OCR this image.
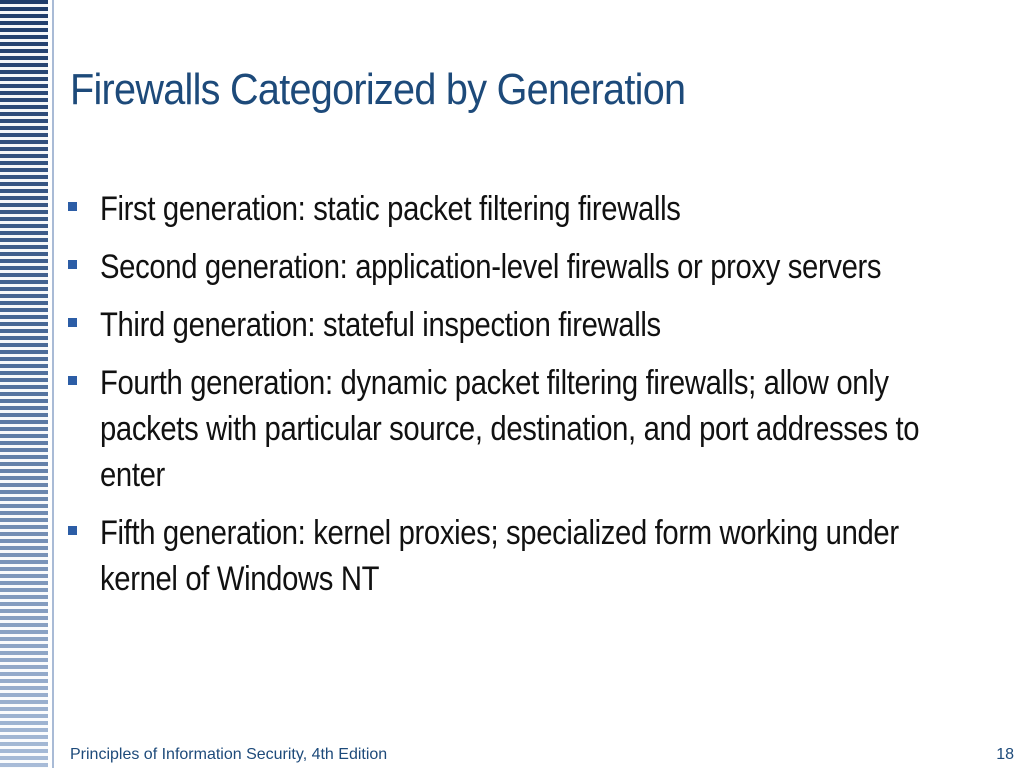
Firewalls Categorized by Generation
First generation: static packet filtering firewalls
Second generation: application-level firewalls or proxy servers
Third generation: stateful inspection firewalls
Fourth generation: dynamic packet filtering firewalls; allow only packets with particular source, destination, and port addresses to enter
Fifth generation: kernel proxies; specialized form working under kernel of Windows NT
Principles of Information Security, 4th Edition	18
